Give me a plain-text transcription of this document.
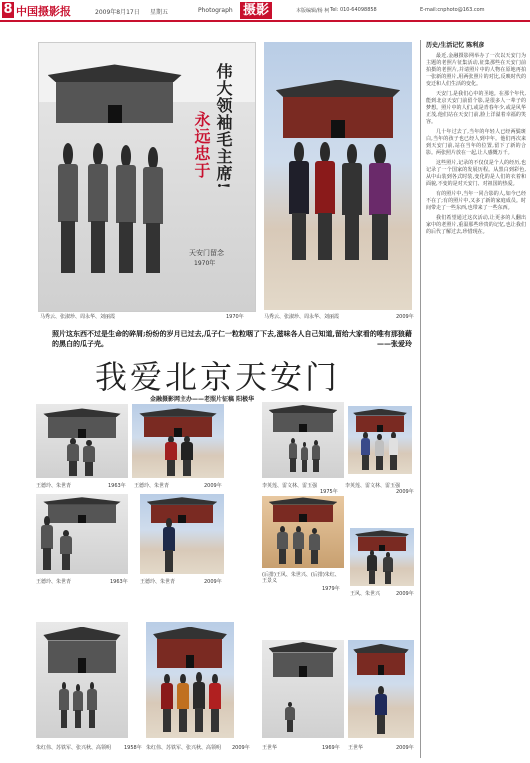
8 中国摄影报	2009年8月17日 星期五	Photograph 摄影	本版编辑/杨 柯 Tel: 010-64098858	E-mail:cnphoto@163.com
伟大领袖毛主席!
永远忠于
天安门留念
1970年
马秀云、张淑珍、周永华、刘丽霞	1970年	马秀云、张淑珍、周永华、刘丽霞	2009年
照片这东西不过是生命的碎屑;纷纷的岁月已过去,瓜子仁一粒粒咽了下去,滋味各人自己知道,留给大家看的唯有那狼藉的黑白的瓜子壳。	——张爱玲
我爱北京天安门
金融摄影网主办——老照片征稿 阳极华
王德玲、朱世青	1963年 王德玲、朱世青	2009年	李英莲、雷文林、雷玉强
1975年
李英莲、雷文林、雷玉强
2009年
王德玲、朱世青	1963年 王德玲、朱世青	2009年
(后排)王风、朱世兴、(后排)朱红、王景义
1979年
王风、朱世兴	2009年
朱红伟、苏铁军、张兴秋、高领明	1958年 朱红伟、苏铁军、张兴秋、高领明 2009年 王世华	1969年 王世华	2009年
历史/生活记忆 陈利彦

最近,金融摄影网举办了一次以天安门为主题的老照片征集活动,征集那些在天安门前拍摄的老照片,并请照片中的人物在原地再拍一张新的照片,用两张照片的对比,反映时代的变迁和人们生活的变化。

天安门,是我们心中的圣地。在那个年代,能到北京天安门前留个影,是很多人一辈子的梦想。照片中的人们,或是青春年少,或是风华正茂,他们站在天安门前,脸上洋溢着幸福的笑容。

几十年过去了,当年的年轻人已经两鬓斑白,当年的孩子也已经人到中年。他们再次来到天安门前,站在当年的位置,留下了新的合影。两张照片放在一起,让人感慨万千。

这些照片,记录的不仅仅是个人的经历,也记录了一个国家的发展历程。从黑白到彩色,从中山装到各式时装,变化的是人们的衣着和面貌,不变的是对天安门、对祖国的热爱。

有的照片中,当年一同合影的人,如今已经不在了;有的照片中,又多了新的家庭成员。时间带走了一些东西,也带来了一些东西。

我们希望通过这次活动,让更多的人翻出家中的老照片,重温那些珍贵的记忆,也让我们的后代了解过去,珍惜现在。
